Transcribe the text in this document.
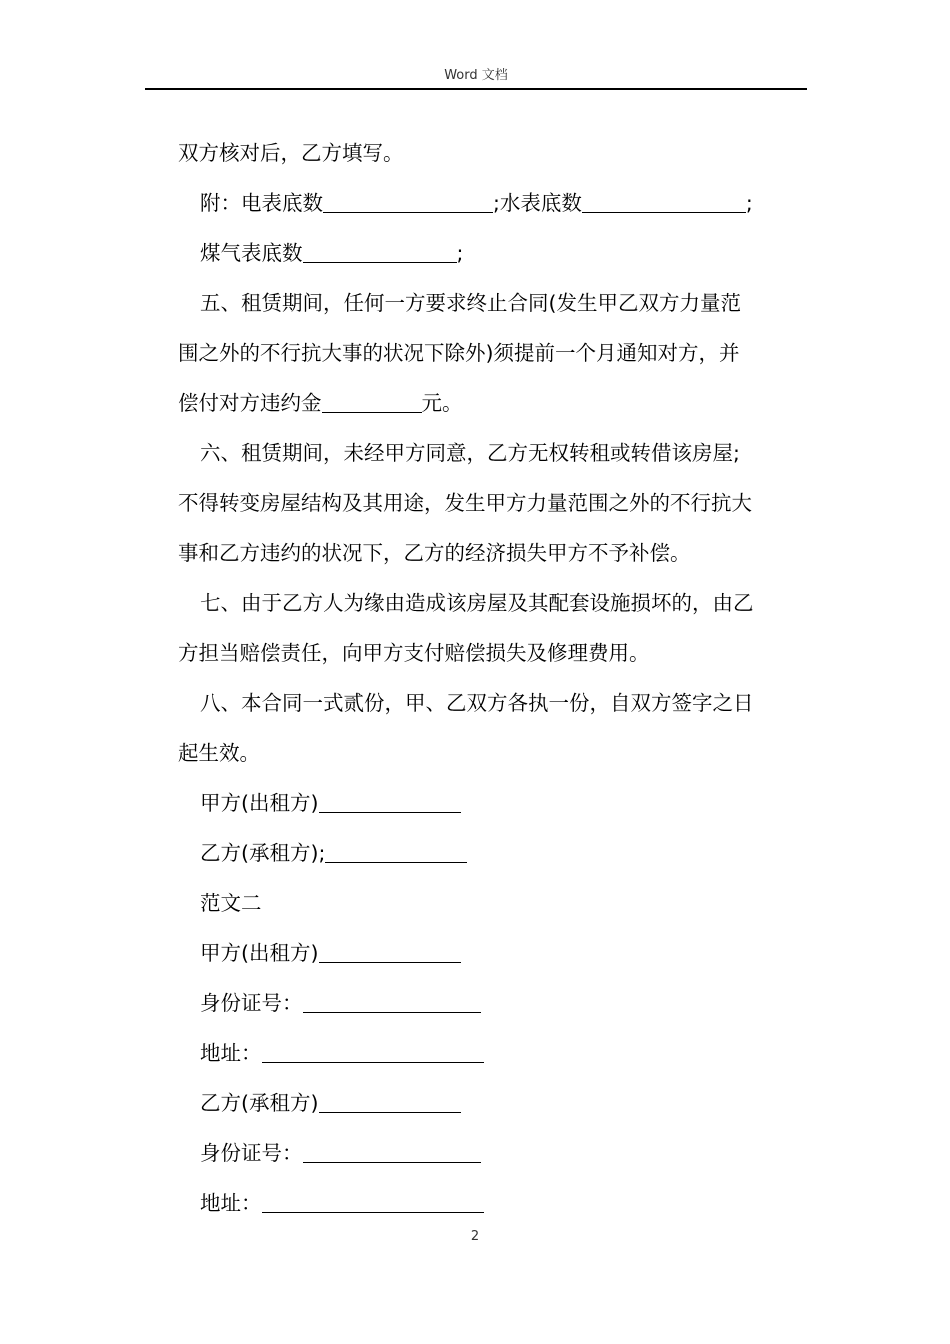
Word 文档
双方核对后，乙方填写。
附：电表底数	;水表底数	;
煤气表底数	;
五、租赁期间，任何一方要求终止合同(发生甲乙双方力量范
围之外的不行抗大事的状况下除外)须提前一个月通知对方，并
偿付对方违约金	元。
六、租赁期间，未经甲方同意，乙方无权转租或转借该房屋;
不得转变房屋结构及其用途，发生甲方力量范围之外的不行抗大
事和乙方违约的状况下，乙方的经济损失甲方不予补偿。
七、由于乙方人为缘由造成该房屋及其配套设施损坏的，由乙
方担当赔偿责任，向甲方支付赔偿损失及修理费用。
八、本合同一式贰份，甲、乙双方各执一份，自双方签字之日
起生效。
甲方(出租方)
乙方(承租方);
范文二
甲方(出租方)
身份证号：
地址：
乙方(承租方)
身份证号：
地址：
2
